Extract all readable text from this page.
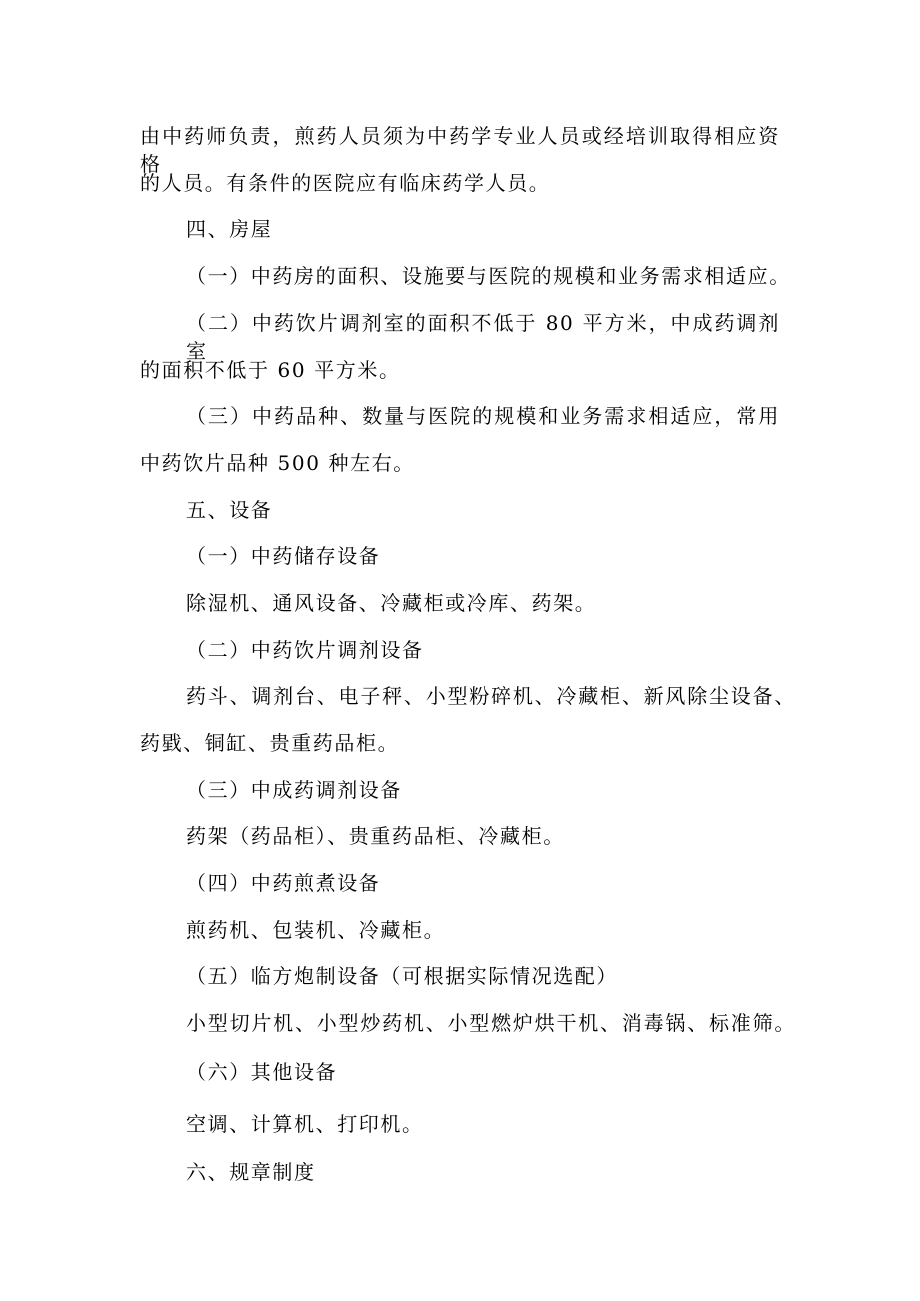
由中药师负责，煎药人员须为中药学专业人员或经培训取得相应资格
的人员。有条件的医院应有临床药学人员。
四、房屋
（一）中药房的面积、设施要与医院的规模和业务需求相适应。
（二）中药饮片调剂室的面积不低于 80 平方米，中成药调剂室
的面积不低于 60 平方米。
（三）中药品种、数量与医院的规模和业务需求相适应，常用
中药饮片品种 500 种左右。
五、设备
（一）中药储存设备
除湿机、通风设备、冷藏柜或冷库、药架。
（二）中药饮片调剂设备
药斗、调剂台、电子秤、小型粉碎机、冷藏柜、新风除尘设备、
药戥、铜缸、贵重药品柜。
（三）中成药调剂设备
药架（药品柜）、贵重药品柜、冷藏柜。
（四）中药煎煮设备
煎药机、包装机、冷藏柜。
（五）临方炮制设备（可根据实际情况选配）
小型切片机、小型炒药机、小型燃炉烘干机、消毒锅、标准筛。
（六）其他设备
空调、计算机、打印机。
六、规章制度
